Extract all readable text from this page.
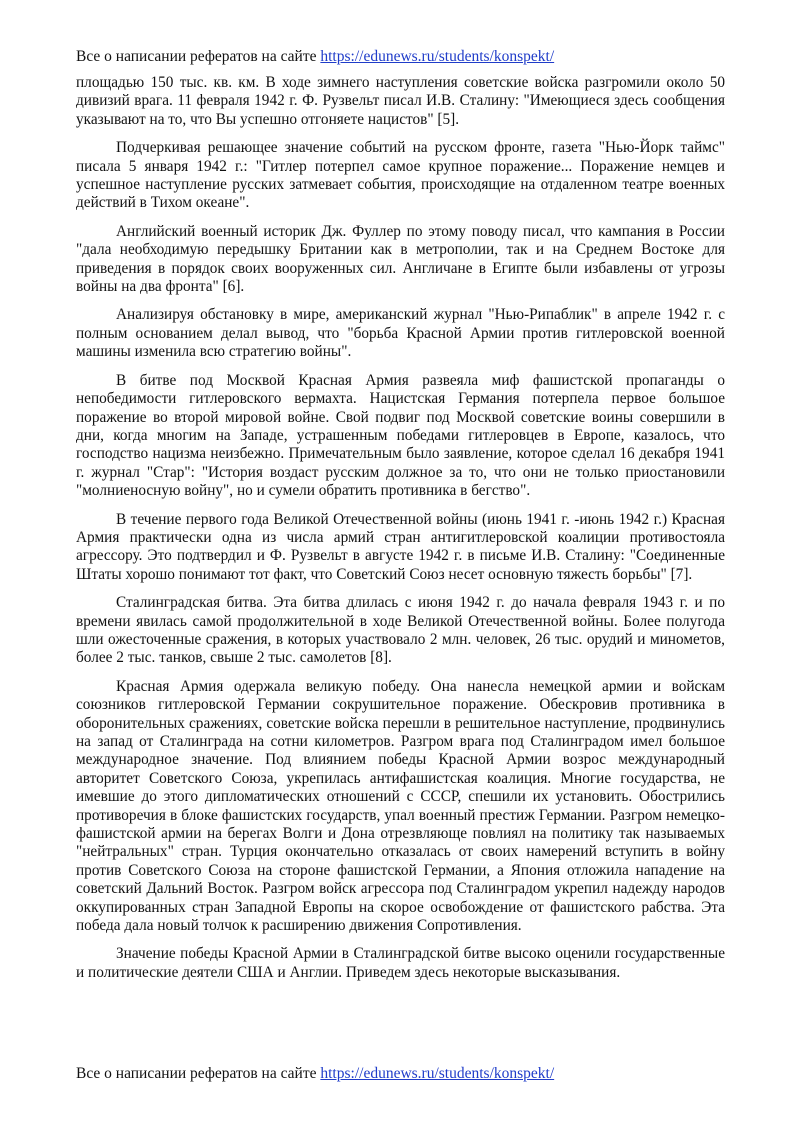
Все о написании рефератов на сайте https://edunews.ru/students/konspekt/

площадью 150 тыс. кв. км. В ходе зимнего наступления советские войска разгромили около 50 дивизий врага. 11 февраля 1942 г. Ф. Рузвельт писал И.В. Сталину: "Имеющиеся здесь сообщения указывают на то, что Вы успешно отгоняете нацистов" [5].

Подчеркивая решающее значение событий на русском фронте, газета "Нью-Йорк таймс" писала 5 января 1942 г.: "Гитлер потерпел самое крупное поражение... Поражение немцев и успешное наступление русских затмевает события, происходящие на отдаленном театре военных действий в Тихом океане".

Английский военный историк Дж. Фуллер по этому поводу писал, что кампания в России "дала необходимую передышку Британии как в метрополии, так и на Среднем Востоке для приведения в порядок своих вооруженных сил. Англичане в Египте были избавлены от угрозы войны на два фронта" [6].

Анализируя обстановку в мире, американский журнал "Нью-Рипаблик" в апреле 1942 г. с полным основанием делал вывод, что "борьба Красной Армии против гитлеровской военной машины изменила всю стратегию войны".

В битве под Москвой Красная Армия развеяла миф фашистской пропаганды о непобедимости гитлеровского вермахта. Нацистская Германия потерпела первое большое поражение во второй мировой войне. Свой подвиг под Москвой советские воины совершили в дни, когда многим на Западе, устрашенным победами гитлеровцев в Европе, казалось, что господство нацизма неизбежно. Примечательным было заявление, которое сделал 16 декабря 1941 г. журнал "Стар": "История воздаст русским должное за то, что они не только приостановили "молниеносную войну", но и сумели обратить противника в бегство".

В течение первого года Великой Отечественной войны (июнь 1941 г. -июнь 1942 г.) Красная Армия практически одна из числа армий стран антигитлеровской коалиции противостояла агрессору. Это подтвердил и Ф. Рузвельт в августе 1942 г. в письме И.В. Сталину: "Соединенные Штаты хорошо понимают тот факт, что Советский Союз несет основную тяжесть борьбы" [7].

Сталинградская битва. Эта битва длилась с июня 1942 г. до начала февраля 1943 г. и по времени явилась самой продолжительной в ходе Великой Отечественной войны. Более полугода шли ожесточенные сражения, в которых участвовало 2 млн. человек, 26 тыс. орудий и минометов, более 2 тыс. танков, свыше 2 тыс. самолетов [8].

Красная Армия одержала великую победу. Она нанесла немецкой армии и войскам союзников гитлеровской Германии сокрушительное поражение. Обескровив противника в оборонительных сражениях, советские войска перешли в решительное наступление, продвинулись на запад от Сталинграда на сотни километров. Разгром врага под Сталинградом имел большое международное значение. Под влиянием победы Красной Армии возрос международный авторитет Советского Союза, укрепилась антифашистская коалиция. Многие государства, не имевшие до этого дипломатических отношений с СССР, спешили их установить. Обострились противоречия в блоке фашистских государств, упал военный престиж Германии. Разгром немецко-фашистской армии на берегах Волги и Дона отрезвляюще повлиял на политику так называемых "нейтральных" стран. Турция окончательно отказалась от своих намерений вступить в войну против Советского Союза на стороне фашистской Германии, а Япония отложила нападение на советский Дальний Восток. Разгром войск агрессора под Сталинградом укрепил надежду народов оккупированных стран Западной Европы на скорое освобождение от фашистского рабства. Эта победа дала новый толчок к расширению движения Сопротивления.

Значение победы Красной Армии в Сталинградской битве высоко оценили государственные и политические деятели США и Англии. Приведем здесь некоторые высказывания.

Все о написании рефератов на сайте https://edunews.ru/students/konspekt/
